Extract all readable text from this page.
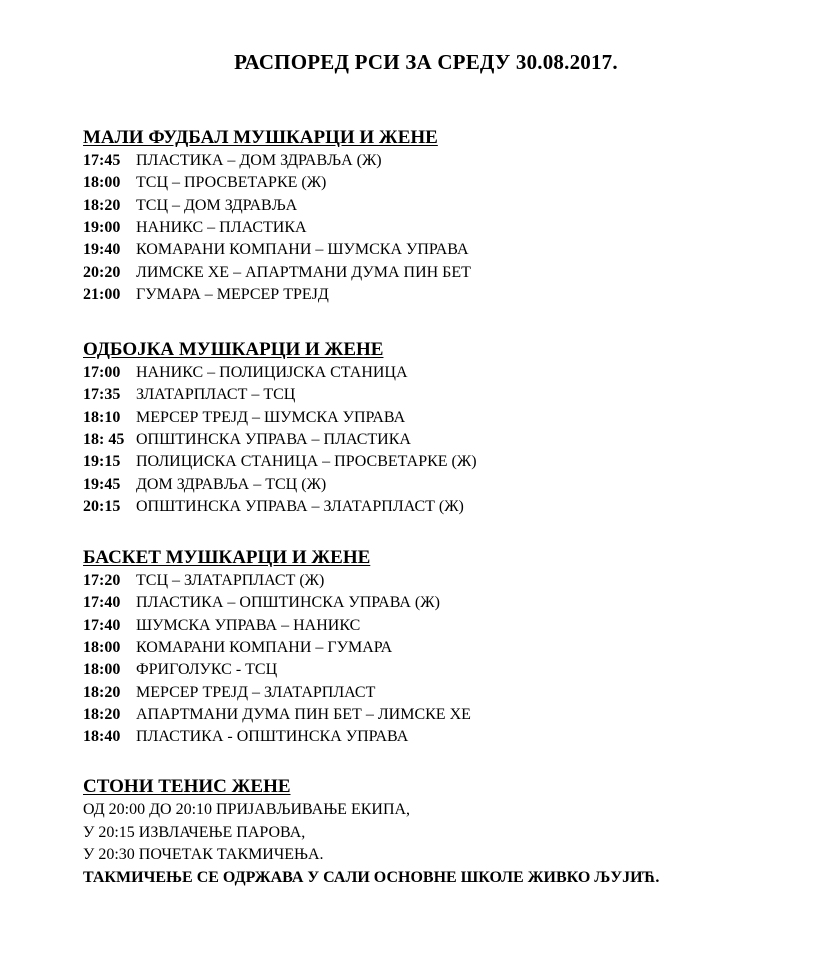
РАСПОРЕД РСИ ЗА СРЕДУ 30.08.2017.
МАЛИ ФУДБАЛ МУШКАРЦИ И ЖЕНЕ
17:45 ПЛАСТИКА – ДОМ ЗДРАВЉА (Ж)
18:00 ТСЦ – ПРОСВЕТАРКЕ (Ж)
18:20 ТСЦ – ДОМ ЗДРАВЉА
19:00 НАНИКС – ПЛАСТИКА
19:40 КОМАРАНИ КОМПАНИ – ШУМСКА УПРАВА
20:20 ЛИМСКЕ ХЕ – АПАРТМАНИ ДУМА ПИН БЕТ
21:00 ГУМАРА – МЕРСЕР ТРЕЈД
ОДБОЈКА МУШКАРЦИ И ЖЕНЕ
17:00 НАНИКС – ПОЛИЦИЈСКА СТАНИЦА
17:35 ЗЛАТАРПЛАСТ – ТСЦ
18:10 МЕРСЕР ТРЕЈД – ШУМСКА УПРАВА
18: 45 ОПШТИНСКА УПРАВА – ПЛАСТИКА
19:15 ПОЛИЦИСКА СТАНИЦА – ПРОСВЕТАРКЕ (Ж)
19:45 ДОМ ЗДРАВЉА – ТСЦ (Ж)
20:15 ОПШТИНСКА УПРАВА – ЗЛАТАРПЛАСТ (Ж)
БАСКЕТ МУШКАРЦИ И ЖЕНЕ
17:20 ТСЦ – ЗЛАТАРПЛАСТ (Ж)
17:40 ПЛАСТИКА – ОПШТИНСКА УПРАВА (Ж)
17:40 ШУМСКА УПРАВА – НАНИКС
18:00 КОМАРАНИ КОМПАНИ – ГУМАРА
18:00 ФРИГОЛУКС - ТСЦ
18:20 МЕРСЕР ТРЕЈД – ЗЛАТАРПЛАСТ
18:20 АПАРТМАНИ ДУМА ПИН БЕТ – ЛИМСКЕ ХЕ
18:40 ПЛАСТИКА - ОПШТИНСКА УПРАВА
СТОНИ ТЕНИС ЖЕНЕ
ОД 20:00 ДО 20:10 ПРИЈАВЉИВАЊЕ ЕКИПА,
У 20:15 ИЗВЛАЧЕЊЕ ПАРОВА,
У 20:30 ПОЧЕТАК ТАКМИЧЕЊА.
ТАКМИЧЕЊЕ СЕ ОДРЖАВА У САЛИ ОСНОВНЕ ШКОЛЕ ЖИВКО ЉУЈИЋ.
